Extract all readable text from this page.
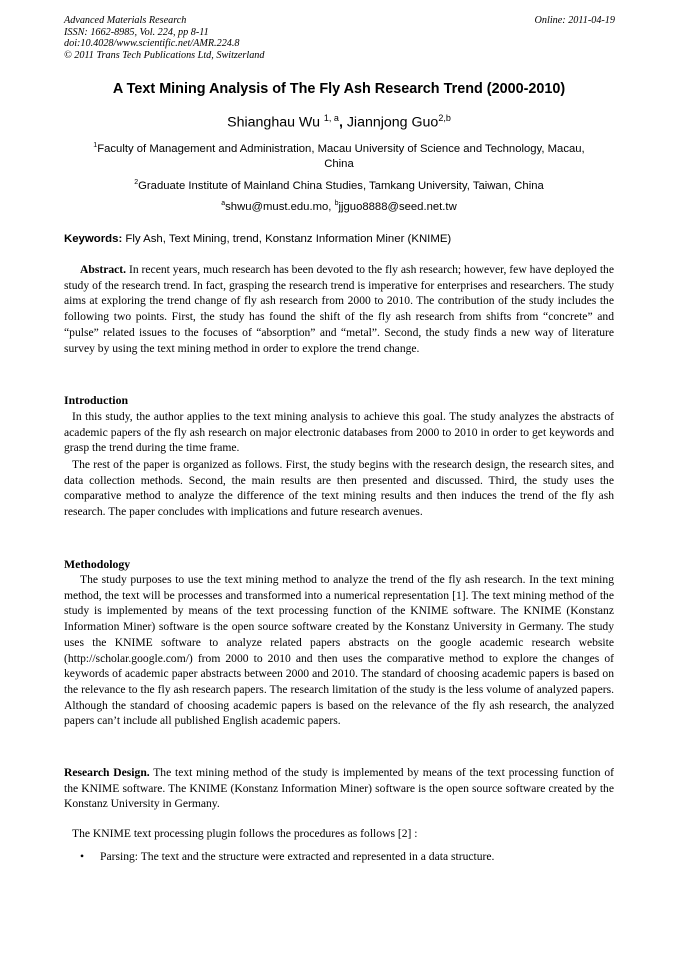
Advanced Materials Research
ISSN: 1662-8985, Vol. 224, pp 8-11
doi:10.4028/www.scientific.net/AMR.224.8
© 2011 Trans Tech Publications Ltd, Switzerland
Online: 2011-04-19
A Text Mining Analysis of The Fly Ash Research Trend (2000-2010)
Shianghau Wu $^{1, a}$, Jiannjong Guo$^{2,b}$
$^1$Faculty of Management and Administration, Macau University of Science and Technology, Macau,
China
$^2$Graduate Institute of Mainland China Studies, Tamkang University, Taiwan, China
$^a$shwu@must.edu.mo, $^b$jjguo8888@seed.net.tw
Keywords: Fly Ash, Text Mining, trend, Konstanz Information Miner (KNIME)
Abstract. In recent years, much research has been devoted to the fly ash research; however, few have deployed the study of the research trend. In fact, grasping the research trend is imperative for enterprises and researchers. The study aims at exploring the trend change of fly ash research from 2000 to 2010. The contribution of the study includes the following two points. First, the study has found the shift of the fly ash research from shifts from “concrete” and “pulse” related issues to the focuses of “absorption” and “metal”. Second, the study finds a new way of literature survey by using the text mining method in order to explore the trend change.
Introduction
In this study, the author applies to the text mining analysis to achieve this goal. The study analyzes the abstracts of academic papers of the fly ash research on major electronic databases from 2000 to 2010 in order to get keywords and grasp the trend during the time frame.
The rest of the paper is organized as follows. First, the study begins with the research design, the research sites, and data collection methods. Second, the main results are then presented and discussed. Third, the study uses the comparative method to analyze the difference of the text mining results and then induces the trend of the fly ash research. The paper concludes with implications and future research avenues.
Methodology
The study purposes to use the text mining method to analyze the trend of the fly ash research. In the text mining method, the text will be processes and transformed into a numerical representation [1]. The text mining method of the study is implemented by means of the text processing function of the KNIME software. The KNIME (Konstanz Information Miner) software is the open source software created by the Konstanz University in Germany. The study uses the KNIME software to analyze related papers abstracts on the google academic research website (http://scholar.google.com/) from 2000 to 2010 and then uses the comparative method to explore the changes of keywords of academic paper abstracts between 2000 and 2010. The standard of choosing academic papers is based on the relevance to the fly ash research papers. The research limitation of the study is the less volume of analyzed papers. Although the standard of choosing academic papers is based on the relevance of the fly ash research, the analyzed papers can’t include all published English academic papers.
Research Design. The text mining method of the study is implemented by means of the text processing function of the KNIME software. The KNIME (Konstanz Information Miner) software is the open source software created by the Konstanz University in Germany.
The KNIME text processing plugin follows the procedures as follows [2] :
• Parsing: The text and the structure were extracted and represented in a data structure.
